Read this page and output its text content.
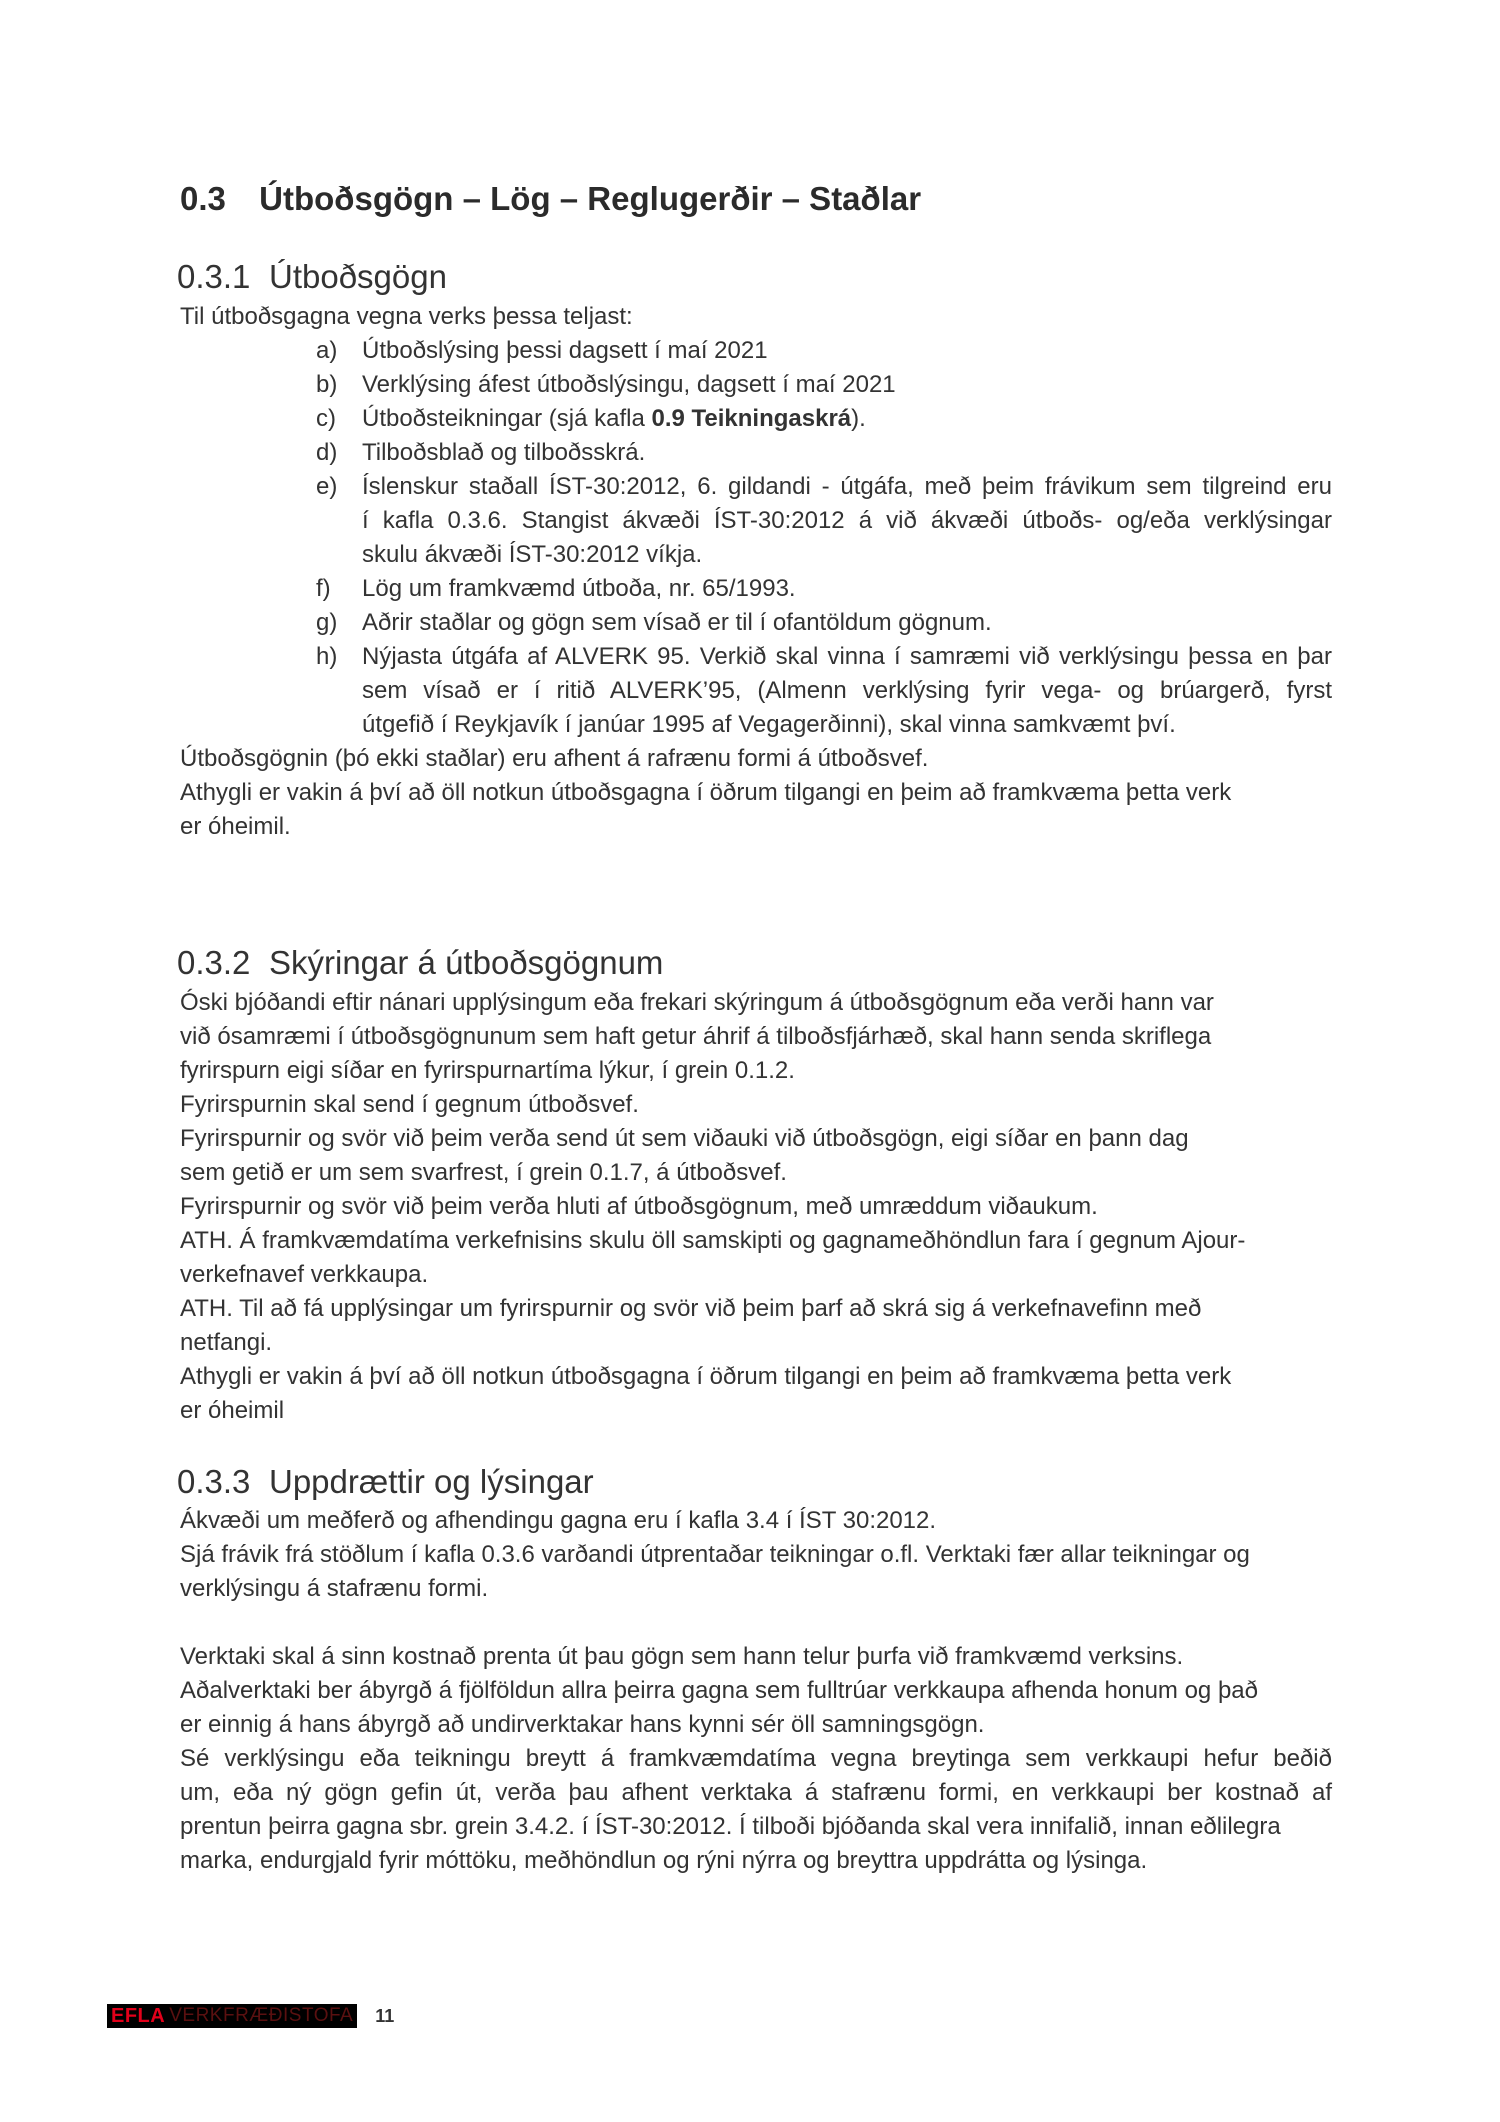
0.3 Útboðsgögn – Lög – Reglugerðir – Staðlar
0.3.1 Útboðsgögn
Til útboðsgagna vegna verks þessa teljast:
a) Útboðslýsing þessi dagsett í maí 2021
b) Verklýsing áfest útboðslýsingu, dagsett í maí 2021
c) Útboðsteikningar (sjá kafla 0.9 Teikningaskrá).
d) Tilboðsblað og tilboðsskrá.
e) Íslenskur staðall ÍST-30:2012, 6. gildandi - útgáfa, með þeim frávikum sem tilgreind eru
í kafla 0.3.6. Stangist ákvæði ÍST-30:2012 á við ákvæði útboðs- og/eða verklýsingar
skulu ákvæði ÍST-30:2012 víkja.
f) Lög um framkvæmd útboða, nr. 65/1993.
g) Aðrir staðlar og gögn sem vísað er til í ofantöldum gögnum.
h) Nýjasta útgáfa af ALVERK 95. Verkið skal vinna í samræmi við verklýsingu þessa en þar
sem vísað er í ritið ALVERK’95, (Almenn verklýsing fyrir vega- og brúargerð, fyrst
útgefið í Reykjavík í janúar 1995 af Vegagerðinni), skal vinna samkvæmt því.
Útboðsgögnin (þó ekki staðlar) eru afhent á rafrænu formi á útboðsvef.
Athygli er vakin á því að öll notkun útboðsgagna í öðrum tilgangi en þeim að framkvæma þetta verk
er óheimil.
0.3.2 Skýringar á útboðsgögnum
Óski bjóðandi eftir nánari upplýsingum eða frekari skýringum á útboðsgögnum eða verði hann var
við ósamræmi í útboðsgögnunum sem haft getur áhrif á tilboðsfjárhæð, skal hann senda skriflega
fyrirspurn eigi síðar en fyrirspurnartíma lýkur, í grein 0.1.2.
Fyrirspurnin skal send í gegnum útboðsvef.
Fyrirspurnir og svör við þeim verða send út sem viðauki við útboðsgögn, eigi síðar en þann dag
sem getið er um sem svarfrest, í grein 0.1.7, á útboðsvef.
Fyrirspurnir og svör við þeim verða hluti af útboðsgögnum, með umræddum viðaukum.
ATH. Á framkvæmdatíma verkefnisins skulu öll samskipti og gagnameðhöndlun fara í gegnum Ajour-
verkefnavef verkkaupa.
ATH. Til að fá upplýsingar um fyrirspurnir og svör við þeim þarf að skrá sig á verkefnavefinn með
netfangi.
Athygli er vakin á því að öll notkun útboðsgagna í öðrum tilgangi en þeim að framkvæma þetta verk
er óheimil
0.3.3 Uppdrættir og lýsingar
Ákvæði um meðferð og afhendingu gagna eru í kafla 3.4 í ÍST 30:2012.
Sjá frávik frá stöðlum í kafla 0.3.6 varðandi útprentaðar teikningar o.fl. Verktaki fær allar teikningar og
verklýsingu á stafrænu formi.
Verktaki skal á sinn kostnað prenta út þau gögn sem hann telur þurfa við framkvæmd verksins.
Aðalverktaki ber ábyrgð á fjölföldun allra þeirra gagna sem fulltrúar verkkaupa afhenda honum og það
er einnig á hans ábyrgð að undirverktakar hans kynni sér öll samningsgögn.
Sé verklýsingu eða teikningu breytt á framkvæmdatíma vegna breytinga sem verkkaupi hefur beðið
um, eða ný gögn gefin út, verða þau afhent verktaka á stafrænu formi, en verkkaupi ber kostnað af
prentun þeirra gagna sbr. grein 3.4.2. í ÍST-30:2012. Í tilboði bjóðanda skal vera innifalið, innan eðlilegra
marka, endurgjald fyrir móttöku, meðhöndlun og rýni nýrra og breyttra uppdrátta og lýsinga.
EFLA VERKFRÆÐISTOFA 11
